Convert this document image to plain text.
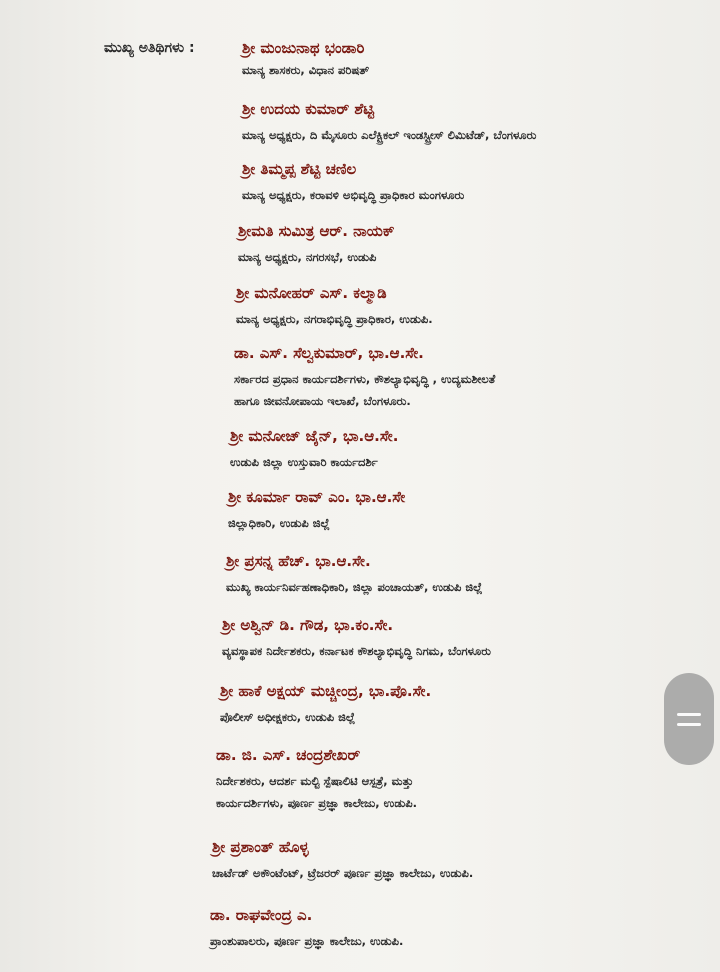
ಮುಖ್ಯ ಅತಿಥಿಗಳು :	ಶ್ರೀ ಮಂಜುನಾಥ ಭಂಡಾರಿ
ಮಾನ್ಯ ಶಾಸಕರು, ವಿಧಾನ ಪರಿಷತ್
ಶ್ರೀ ಉದಯ ಕುಮಾರ್ ಶೆಟ್ಟಿ
ಮಾನ್ಯ ಅಧ್ಯಕ್ಷರು, ದಿ ಮೈಸೂರು ಎಲೆಕ್ಟ್ರಿಕಲ್ ಇಂಡಸ್ಟ್ರೀಸ್ ಲಿಮಿಟೆಡ್, ಬೆಂಗಳೂರು
ಶ್ರೀ ತಿಮ್ಮಪ್ಪ ಶೆಟ್ಟಿ ಚಣಿಲ
ಮಾನ್ಯ ಅಧ್ಯಕ್ಷರು, ಕರಾವಳಿ ಅಭಿವೃದ್ಧಿ ಪ್ರಾಧಿಕಾರ ಮಂಗಳೂರು
ಶ್ರೀಮತಿ ಸುಮಿತ್ರ ಆರ್. ನಾಯಕ್
ಮಾನ್ಯ ಅಧ್ಯಕ್ಷರು, ನಗರಸಭೆ, ಉಡುಪಿ
ಶ್ರೀ ಮನೋಹರ್ ಎಸ್. ಕಲ್ಮಾಡಿ
ಮಾನ್ಯ ಅಧ್ಯಕ್ಷರು, ನಗರಾಭಿವೃದ್ಧಿ ಪ್ರಾಧಿಕಾರ, ಉಡುಪಿ.
ಡಾ. ಎಸ್. ಸೆಲ್ವಕುಮಾರ್, ಭಾ.ಆ.ಸೇ.
ಸರ್ಕಾರದ ಪ್ರಧಾನ ಕಾರ್ಯದರ್ಶಿಗಳು, ಕೌಶಲ್ಯಾಭಿವೃದ್ಧಿ , ಉದ್ಯಮಶೀಲತೆ
ಹಾಗೂ ಜೀವನೋಪಾಯ ಇಲಾಖೆ, ಬೆಂಗಳೂರು.
ಶ್ರೀ ಮನೋಜ್ ಜೈನ್, ಭಾ.ಆ.ಸೇ.
ಉಡುಪಿ ಜಿಲ್ಲಾ ಉಸ್ತುವಾರಿ ಕಾರ್ಯದರ್ಶಿ
ಶ್ರೀ ಕೂರ್ಮಾ ರಾವ್ ಎಂ. ಭಾ.ಆ.ಸೇ
ಜಿಲ್ಲಾಧಿಕಾರಿ, ಉಡುಪಿ ಜಿಲ್ಲೆ
ಶ್ರೀ ಪ್ರಸನ್ನ ಹೆಚ್. ಭಾ.ಆ.ಸೇ.
ಮುಖ್ಯ ಕಾರ್ಯನಿರ್ವಹಣಾಧಿಕಾರಿ, ಜಿಲ್ಲಾ ಪಂಚಾಯತ್, ಉಡುಪಿ ಜಿಲ್ಲೆ
ಶ್ರೀ ಅಶ್ವಿನ್ ಡಿ. ಗೌಡ, ಭಾ.ಕಂ.ಸೇ.
ವ್ಯವಸ್ಥಾಪಕ ನಿರ್ದೇಶಕರು, ಕರ್ನಾಟಕ ಕೌಶಲ್ಯಾಭಿವೃದ್ಧಿ ನಿಗಮ, ಬೆಂಗಳೂರು
ಶ್ರೀ ಹಾಕೆ ಅಕ್ಷಯ್ ಮಚ್ಚೀಂದ್ರ, ಭಾ.ಪೊ.ಸೇ.
ಪೊಲೀಸ್ ಅಧೀಕ್ಷಕರು, ಉಡುಪಿ ಜಿಲ್ಲೆ
ಡಾ. ಜಿ. ಎಸ್. ಚಂದ್ರಶೇಖರ್
ನಿರ್ದೇಶಕರು, ಆದರ್ಶ ಮಲ್ಟಿ ಸ್ಪೆಷಾಲಿಟಿ ಆಸ್ಪತ್ರೆ, ಮತ್ತು
ಕಾರ್ಯದರ್ಶಿಗಳು, ಪೂರ್ಣ ಪ್ರಜ್ಞಾ ಕಾಲೇಜು, ಉಡುಪಿ.
ಶ್ರೀ ಪ್ರಶಾಂತ್ ಹೊಳ್ಳ
ಚಾರ್ಟೆಡ್ ಅಕೌಂಟೆಂಟ್, ಟ್ರೆಜರರ್ ಪೂರ್ಣ ಪ್ರಜ್ಞಾ ಕಾಲೇಜು, ಉಡುಪಿ.
ಡಾ. ರಾಘವೇಂದ್ರ ಎ.
ಪ್ರಾಂಶುಪಾಲರು, ಪೂರ್ಣ ಪ್ರಜ್ಞಾ ಕಾಲೇಜು, ಉಡುಪಿ.
